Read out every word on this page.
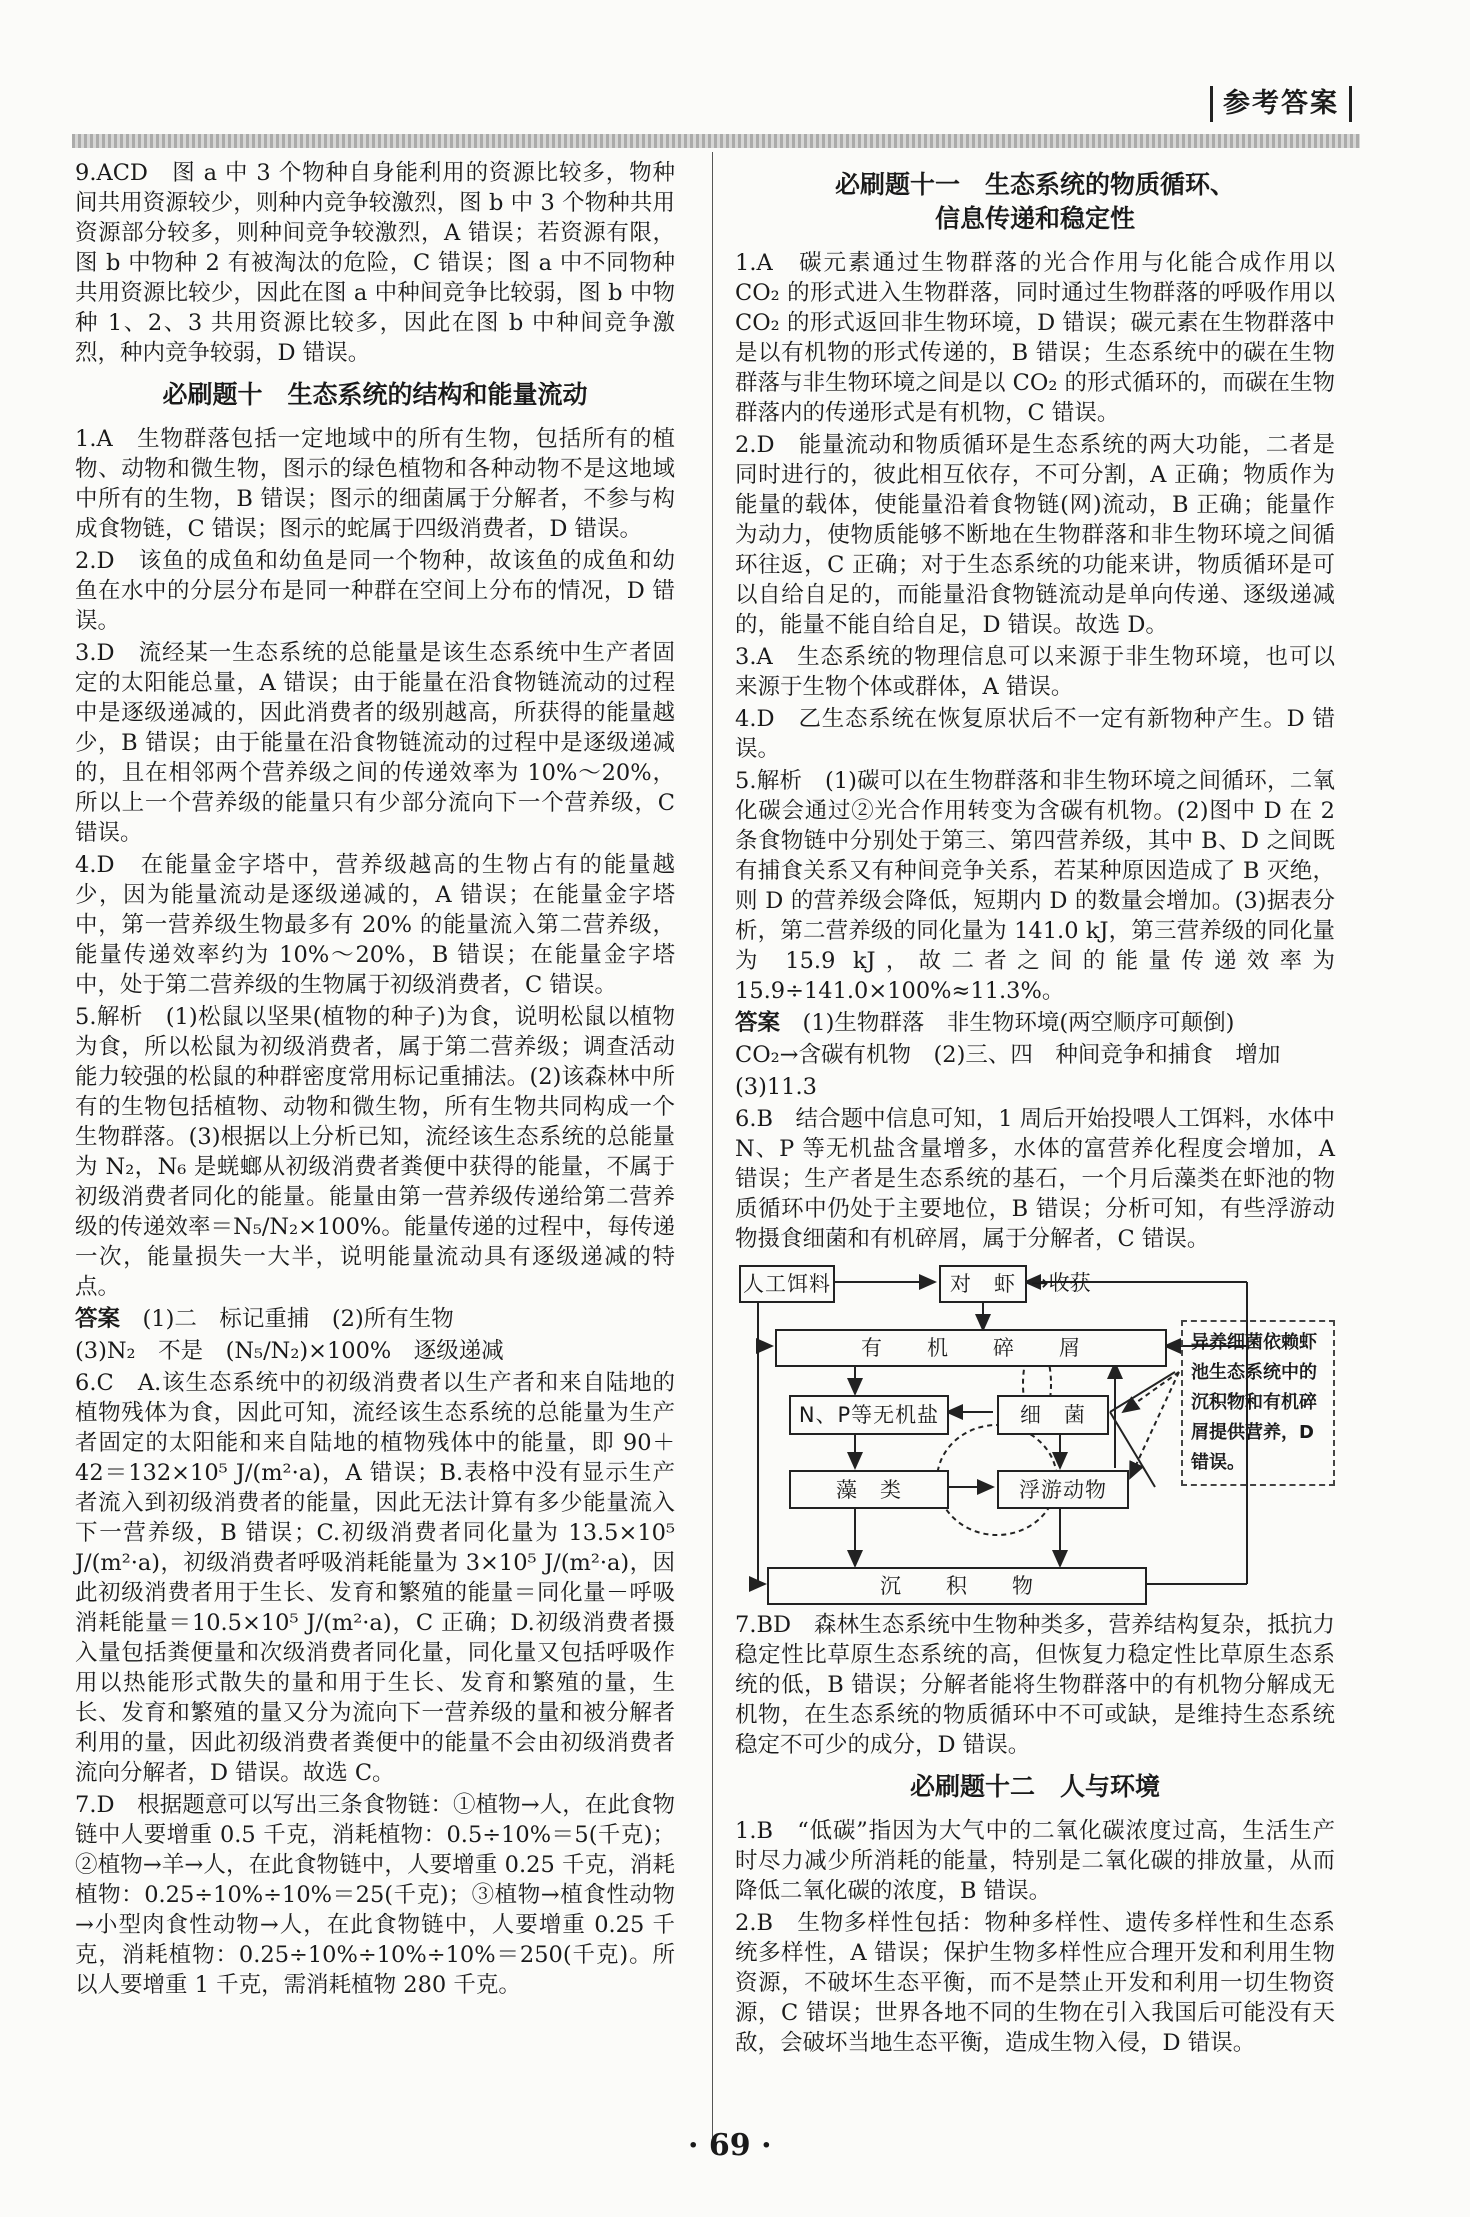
参考答案
9.ACD　图 a 中 3 个物种自身能利用的资源比较多，物种间共用资源较少，则种内竞争较激烈，图 b 中 3 个物种共用资源部分较多，则种间竞争较激烈，A 错误；若资源有限，图 b 中物种 2 有被淘汰的危险，C 错误；图 a 中不同物种共用资源比较少，因此在图 a 中种间竞争比较弱，图 b 中物种 1、2、3 共用资源比较多，因此在图 b 中种间竞争激烈，种内竞争较弱，D 错误。
必刷题十　生态系统的结构和能量流动
1.A　生物群落包括一定地域中的所有生物，包括所有的植物、动物和微生物，图示的绿色植物和各种动物不是这地域中所有的生物，B 错误；图示的细菌属于分解者，不参与构成食物链，C 错误；图示的蛇属于四级消费者，D 错误。
2.D　该鱼的成鱼和幼鱼是同一个物种，故该鱼的成鱼和幼鱼在水中的分层分布是同一种群在空间上分布的情况，D 错误。
3.D　流经某一生态系统的总能量是该生态系统中生产者固定的太阳能总量，A 错误；由于能量在沿食物链流动的过程中是逐级递减的，因此消费者的级别越高，所获得的能量越少，B 错误；由于能量在沿食物链流动的过程中是逐级递减的，且在相邻两个营养级之间的传递效率为 10%～20%，所以上一个营养级的能量只有少部分流向下一个营养级，C 错误。
4.D　在能量金字塔中，营养级越高的生物占有的能量越少，因为能量流动是逐级递减的，A 错误；在能量金字塔中，第一营养级生物最多有 20% 的能量流入第二营养级，能量传递效率约为 10%～20%，B 错误；在能量金字塔中，处于第二营养级的生物属于初级消费者，C 错误。
5.解析　(1)松鼠以坚果(植物的种子)为食，说明松鼠以植物为食，所以松鼠为初级消费者，属于第二营养级；调查活动能力较强的松鼠的种群密度常用标记重捕法。(2)该森林中所有的生物包括植物、动物和微生物，所有生物共同构成一个生物群落。(3)根据以上分析已知，流经该生态系统的总能量为 N₂，N₆ 是蜣螂从初级消费者粪便中获得的能量，不属于初级消费者同化的能量。能量由第一营养级传递给第二营养级的传递效率＝N₅/N₂×100%。能量传递的过程中，每传递一次，能量损失一大半，说明能量流动具有逐级递减的特点。
答案　 (1)二　标记重捕　(2)所有生物
(3)N₂　不是　(N₅/N₂)×100%　逐级递减
6.C　A.该生态系统中的初级消费者以生产者和来自陆地的植物残体为食，因此可知，流经该生态系统的总能量为生产者固定的太阳能和来自陆地的植物残体中的能量，即 90＋42＝132×10⁵ J/(m²·a)，A 错误；B.表格中没有显示生产者流入到初级消费者的能量，因此无法计算有多少能量流入下一营养级，B 错误；C.初级消费者同化量为 13.5×10⁵ J/(m²·a)，初级消费者呼吸消耗能量为 3×10⁵ J/(m²·a)，因此初级消费者用于生长、发育和繁殖的能量＝同化量－呼吸消耗能量＝10.5×10⁵ J/(m²·a)，C 正确；D.初级消费者摄入量包括粪便量和次级消费者同化量，同化量又包括呼吸作用以热能形式散失的量和用于生长、发育和繁殖的量，生长、发育和繁殖的量又分为流向下一营养级的量和被分解者利用的量，因此初级消费者粪便中的能量不会由初级消费者流向分解者，D 错误。故选 C。
7.D　根据题意可以写出三条食物链：①植物→人，在此食物链中人要增重 0.5 千克，消耗植物：0.5÷10%＝5(千克)；②植物→羊→人，在此食物链中，人要增重 0.25 千克，消耗植物：0.25÷10%÷10%＝25(千克)；③植物→植食性动物→小型肉食性动物→人，在此食物链中，人要增重 0.25 千克，消耗植物：0.25÷10%÷10%÷10%＝250(千克)。所以人要增重 1 千克，需消耗植物 280 千克。
必刷题十一　生态系统的物质循环、
信息传递和稳定性
1.A　碳元素通过生物群落的光合作用与化能合成作用以 CO₂ 的形式进入生物群落，同时通过生物群落的呼吸作用以 CO₂ 的形式返回非生物环境，D 错误；碳元素在生物群落中是以有机物的形式传递的，B 错误；生态系统中的碳在生物群落与非生物环境之间是以 CO₂ 的形式循环的，而碳在生物群落内的传递形式是有机物，C 错误。
2.D　能量流动和物质循环是生态系统的两大功能，二者是同时进行的，彼此相互依存，不可分割，A 正确；物质作为能量的载体，使能量沿着食物链(网)流动，B 正确；能量作为动力，使物质能够不断地在生物群落和非生物环境之间循环往返，C 正确；对于生态系统的功能来讲，物质循环是可以自给自足的，而能量沿食物链流动是单向传递、逐级递减的，能量不能自给自足，D 错误。故选 D。
3.A　生态系统的物理信息可以来源于非生物环境，也可以来源于生物个体或群体，A 错误。
4.D　乙生态系统在恢复原状后不一定有新物种产生。D 错误。
5.解析　(1)碳可以在生物群落和非生物环境之间循环，二氧化碳会通过②光合作用转变为含碳有机物。(2)图中 D 在 2 条食物链中分别处于第三、第四营养级，其中 B、D 之间既有捕食关系又有种间竞争关系，若某种原因造成了 B 灭绝，则 D 的营养级会降低，短期内 D 的数量会增加。(3)据表分析，第二营养级的同化量为 141.0 kJ，第三营养级的同化量为 15.9 kJ，故二者之间的能量传递效率为 15.9÷141.0×100%≈11.3%。
答案　 (1)生物群落　非生物环境(两空顺序可颠倒)
CO₂→含碳有机物　(2)三、四　种间竞争和捕食　增加
(3)11.3
6.B　结合题中信息可知，1 周后开始投喂人工饵料，水体中 N、P 等无机盐含量增多，水体的富营养化程度会增加，A 错误；生产者是生态系统的基石，一个月后藻类在虾池的物质循环中仍处于主要地位，B 错误；分析可知，有些浮游动物摄食细菌和有机碎屑，属于分解者，C 错误。
人工饵料	对　虾 →收获
有　　机　　碎　　屑
N、P等无机盐	细　菌
藻　类	浮游动物
沉　　积　　物
异养细菌依赖虾池生态系统中的沉积物和有机碎屑提供营养，D错误。
7.BD　森林生态系统中生物种类多，营养结构复杂，抵抗力稳定性比草原生态系统的高，但恢复力稳定性比草原生态系统的低，B 错误；分解者能将生物群落中的有机物分解成无机物，在生态系统的物质循环中不可或缺，是维持生态系统稳定不可少的成分，D 错误。
必刷题十二　人与环境
1.B　“低碳”指因为大气中的二氧化碳浓度过高，生活生产时尽力减少所消耗的能量，特别是二氧化碳的排放量，从而降低二氧化碳的浓度，B 错误。
2.B　生物多样性包括：物种多样性、遗传多样性和生态系统多样性，A 错误；保护生物多样性应合理开发和利用生物资源，不破坏生态平衡，而不是禁止开发和利用一切生物资源，C 错误；世界各地不同的生物在引入我国后可能没有天敌，会破坏当地生态平衡，造成生物入侵，D 错误。
· 69 ·
